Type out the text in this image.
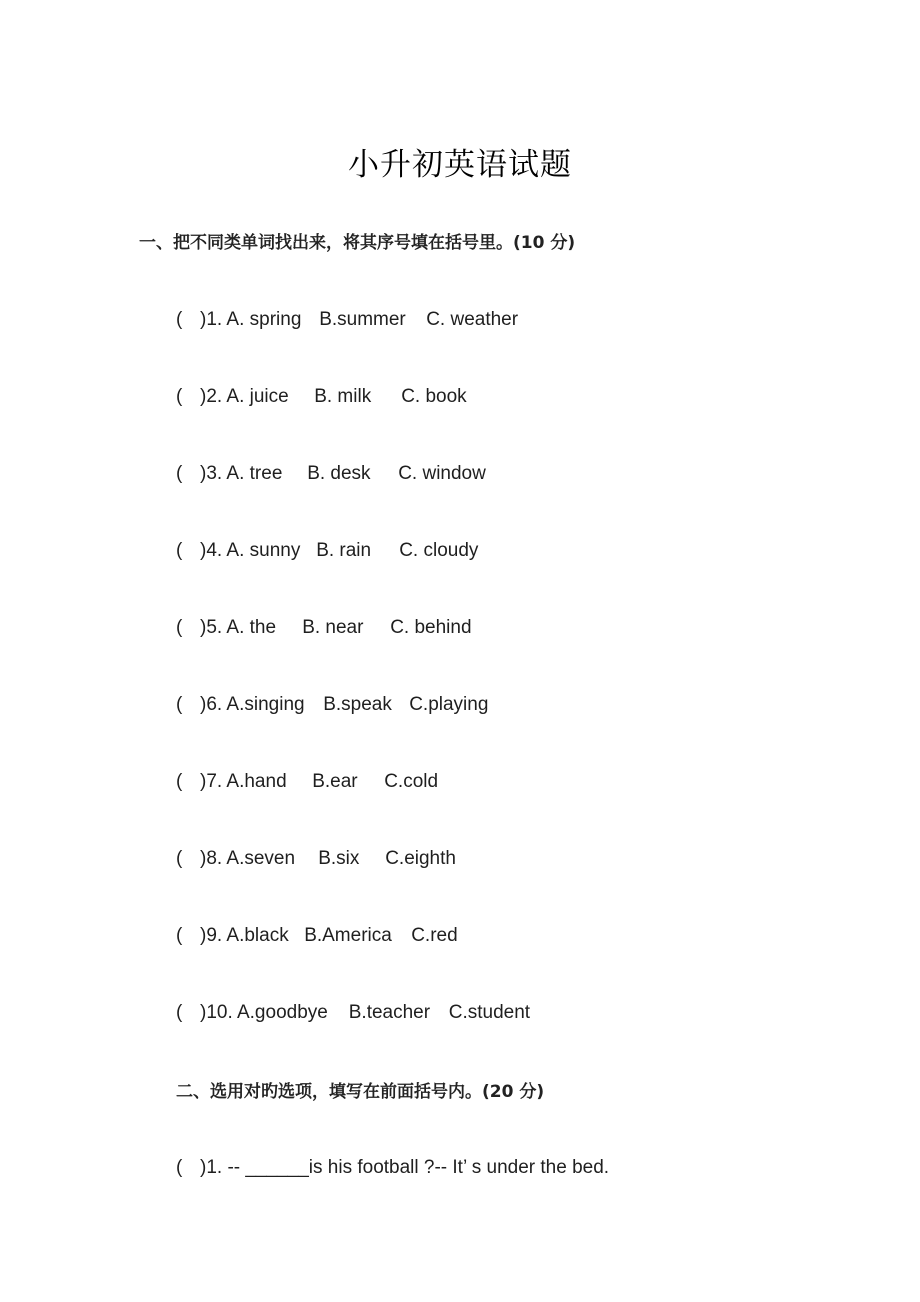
小升初英语试题
一、把不同类单词找出来，将其序号填在括号里。(10 分)
( )1. A. spring B.summer C. weather
( )2. A. juice B. milk C. book
( )3. A. tree B. desk C. window
( )4. A. sunny B. rain C. cloudy
( )5. A. the B. near C. behind
( )6. A.singing B.speak C.playing
( )7. A.hand B.ear C.cold
( )8. A.seven B.six C.eighth
( )9. A.black B.America C.red
( )10. A.goodbye B.teacher C.student
二、选用对旳选项，填写在前面括号内。(20 分)
( )1. -- ______is his football ?-- It’ s under the bed.
